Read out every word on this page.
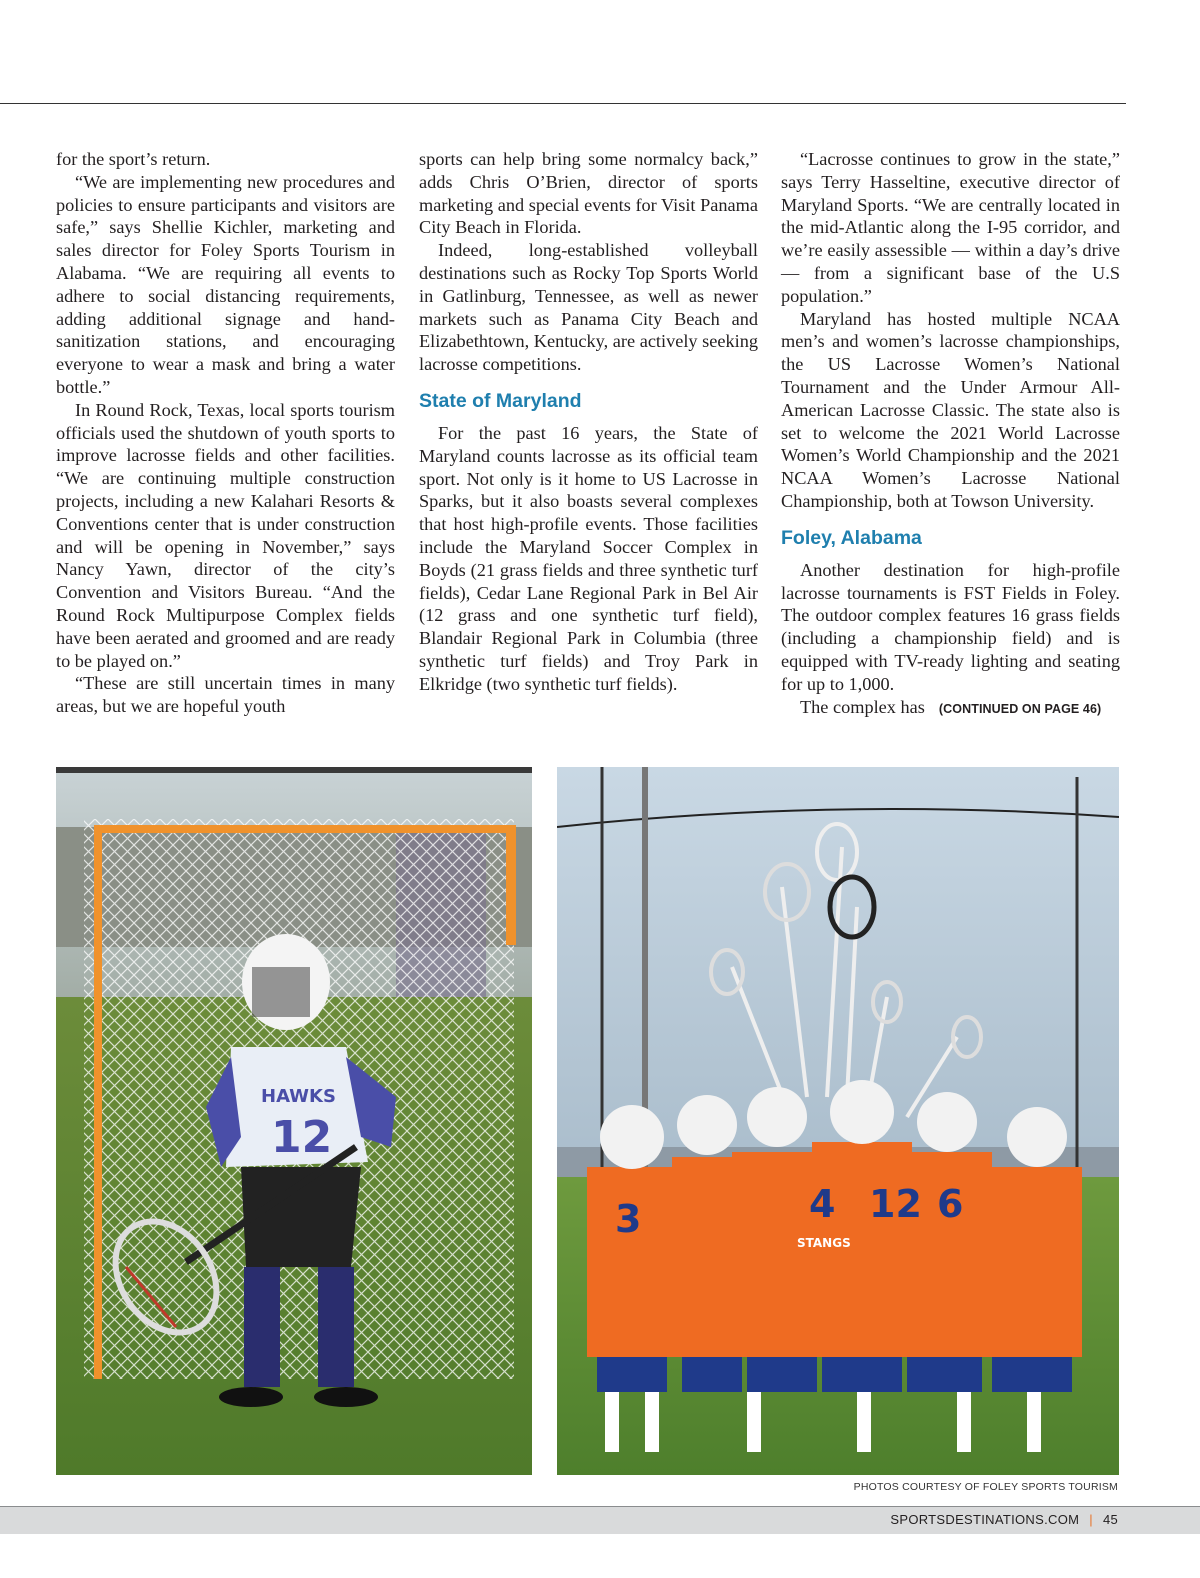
for the sport’s return.

“We are implementing new procedures and policies to ensure participants and visitors are safe,” says Shellie Kichler, marketing and sales director for Foley Sports Tourism in Alabama. “We are requiring all events to adhere to social distancing requirements, adding additional signage and hand-sanitization stations, and encouraging everyone to wear a mask and bring a water bottle.”

In Round Rock, Texas, local sports tourism officials used the shutdown of youth sports to improve lacrosse fields and other facilities. “We are continuing multiple construction projects, including a new Kalahari Resorts & Conventions center that is under construction and will be opening in November,” says Nancy Yawn, director of the city’s Convention and Visitors Bureau. “And the Round Rock Multipurpose Complex fields have been aerated and groomed and are ready to be played on.”

“These are still uncertain times in many areas, but we are hopeful youth

sports can help bring some normalcy back,” adds Chris O’Brien, director of sports marketing and special events for Visit Panama City Beach in Florida.

Indeed, long-established volleyball destinations such as Rocky Top Sports World in Gatlinburg, Tennessee, as well as newer markets such as Panama City Beach and Elizabethtown, Kentucky, are actively seeking lacrosse competitions.

State of Maryland

For the past 16 years, the State of Maryland counts lacrosse as its official team sport. Not only is it home to US Lacrosse in Sparks, but it also boasts several complexes that host high-profile events. Those facilities include the Maryland Soccer Complex in Boyds (21 grass fields and three synthetic turf fields), Cedar Lane Regional Park in Bel Air (12 grass and one synthetic turf field), Blandair Regional Park in Columbia (three synthetic turf fields) and Troy Park in Elkridge (two synthetic turf fields).

“Lacrosse continues to grow in the state,” says Terry Hasseltine, executive director of Maryland Sports. “We are centrally located in the mid-Atlantic along the I-95 corridor, and we’re easily assessible — within a day’s drive — from a significant base of the U.S population.”

Maryland has hosted multiple NCAA men’s and women’s lacrosse championships, the US Lacrosse Women’s National Tournament and the Under Armour All-American Lacrosse Classic. The state also is set to welcome the 2021 World Lacrosse Women’s World Championship and the 2021 NCAA Women’s Lacrosse National Championship, both at Towson University.

Foley, Alabama

Another destination for high-profile lacrosse tournaments is FST Fields in Foley. The outdoor complex features 16 grass fields (including a championship field) and is equipped with TV-ready lighting and seating for up to 1,000.

The complex has (CONTINUED ON PAGE 46)

HAWKS
12
3	4 12 6
STANGS
PHOTOS COURTESY OF FOLEY SPORTS TOURISM
SPORTSDESTINATIONS.COM | 45
